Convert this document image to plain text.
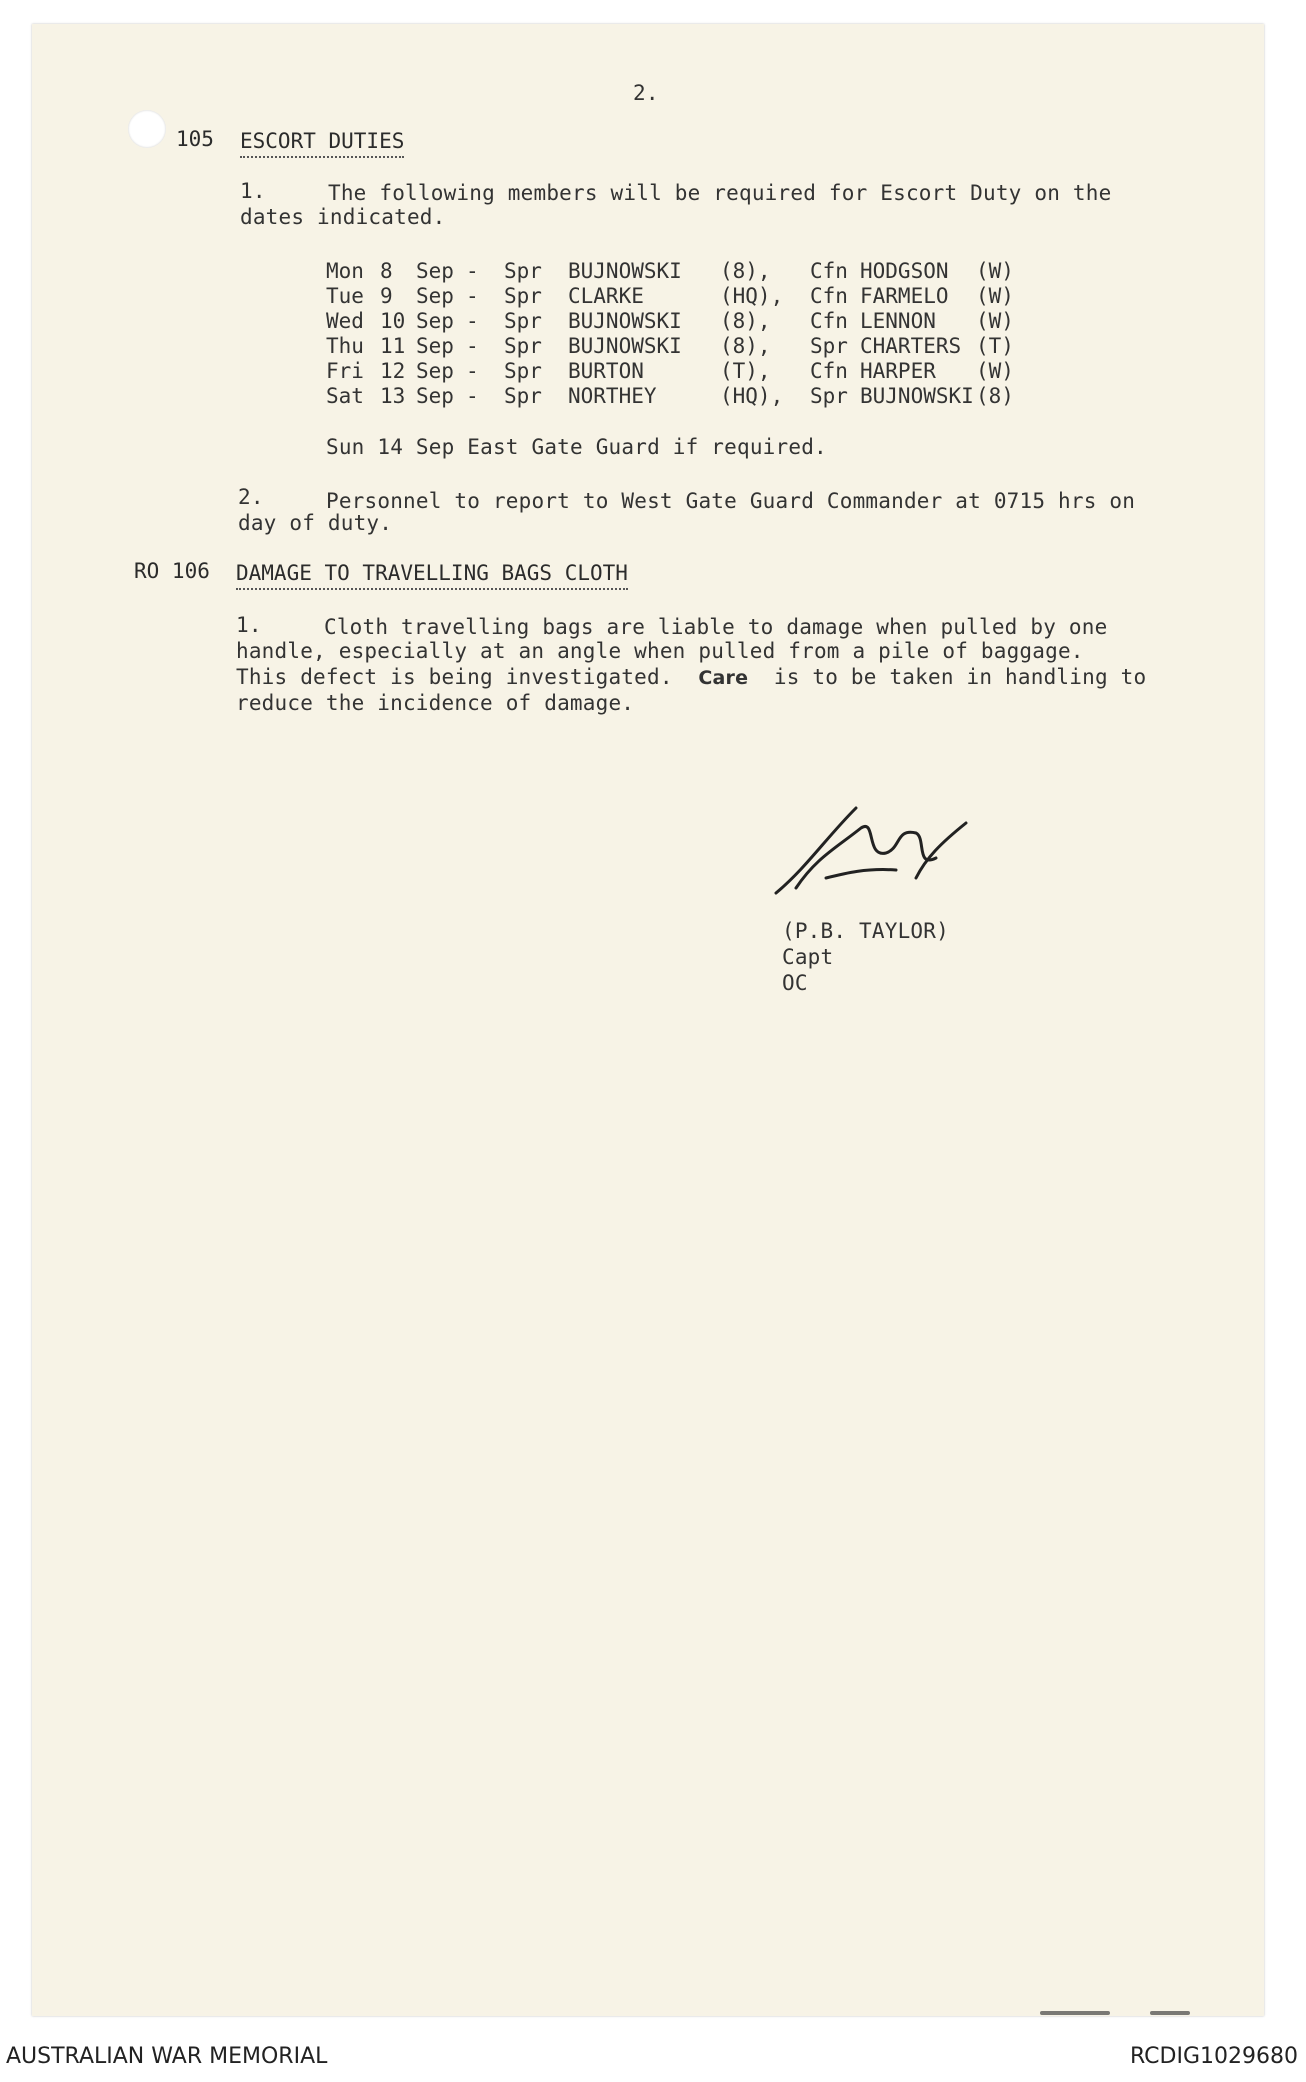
2.
105 ESCORT DUTIES
1.	The following members will be required for Escort Duty on the
dates indicated.
Mon 8 Sep - Spr BUJNOWSKI (8), Cfn HODGSON (W)
Tue 9 Sep - Spr CLARKE	(HQ), Cfn FARMELO (W)
Wed 10 Sep - Spr BUJNOWSKI (8), Cfn LENNON (W)
Thu 11 Sep - Spr BUJNOWSKI (8), Spr CHARTERS (T)
Fri 12 Sep - Spr BURTON	(T), Cfn HARPER (W)
Sat 13 Sep - Spr NORTHEY	(HQ), Spr BUJNOWSKI (8)
Sun 14 Sep East Gate Guard if required.
2.	Personnel to report to West Gate Guard Commander at 0715 hrs on
day of duty.
RO 106 DAMAGE TO TRAVELLING BAGS CLOTH
1.	Cloth travelling bags are liable to damage when pulled by one
handle, especially at an angle when pulled from a pile of baggage.
This defect is being investigated. Care is to be taken in handling to
reduce the incidence of damage.
(P.B. TAYLOR)
Capt
OC
AUSTRALIAN WAR MEMORIAL	RCDIG1029680
